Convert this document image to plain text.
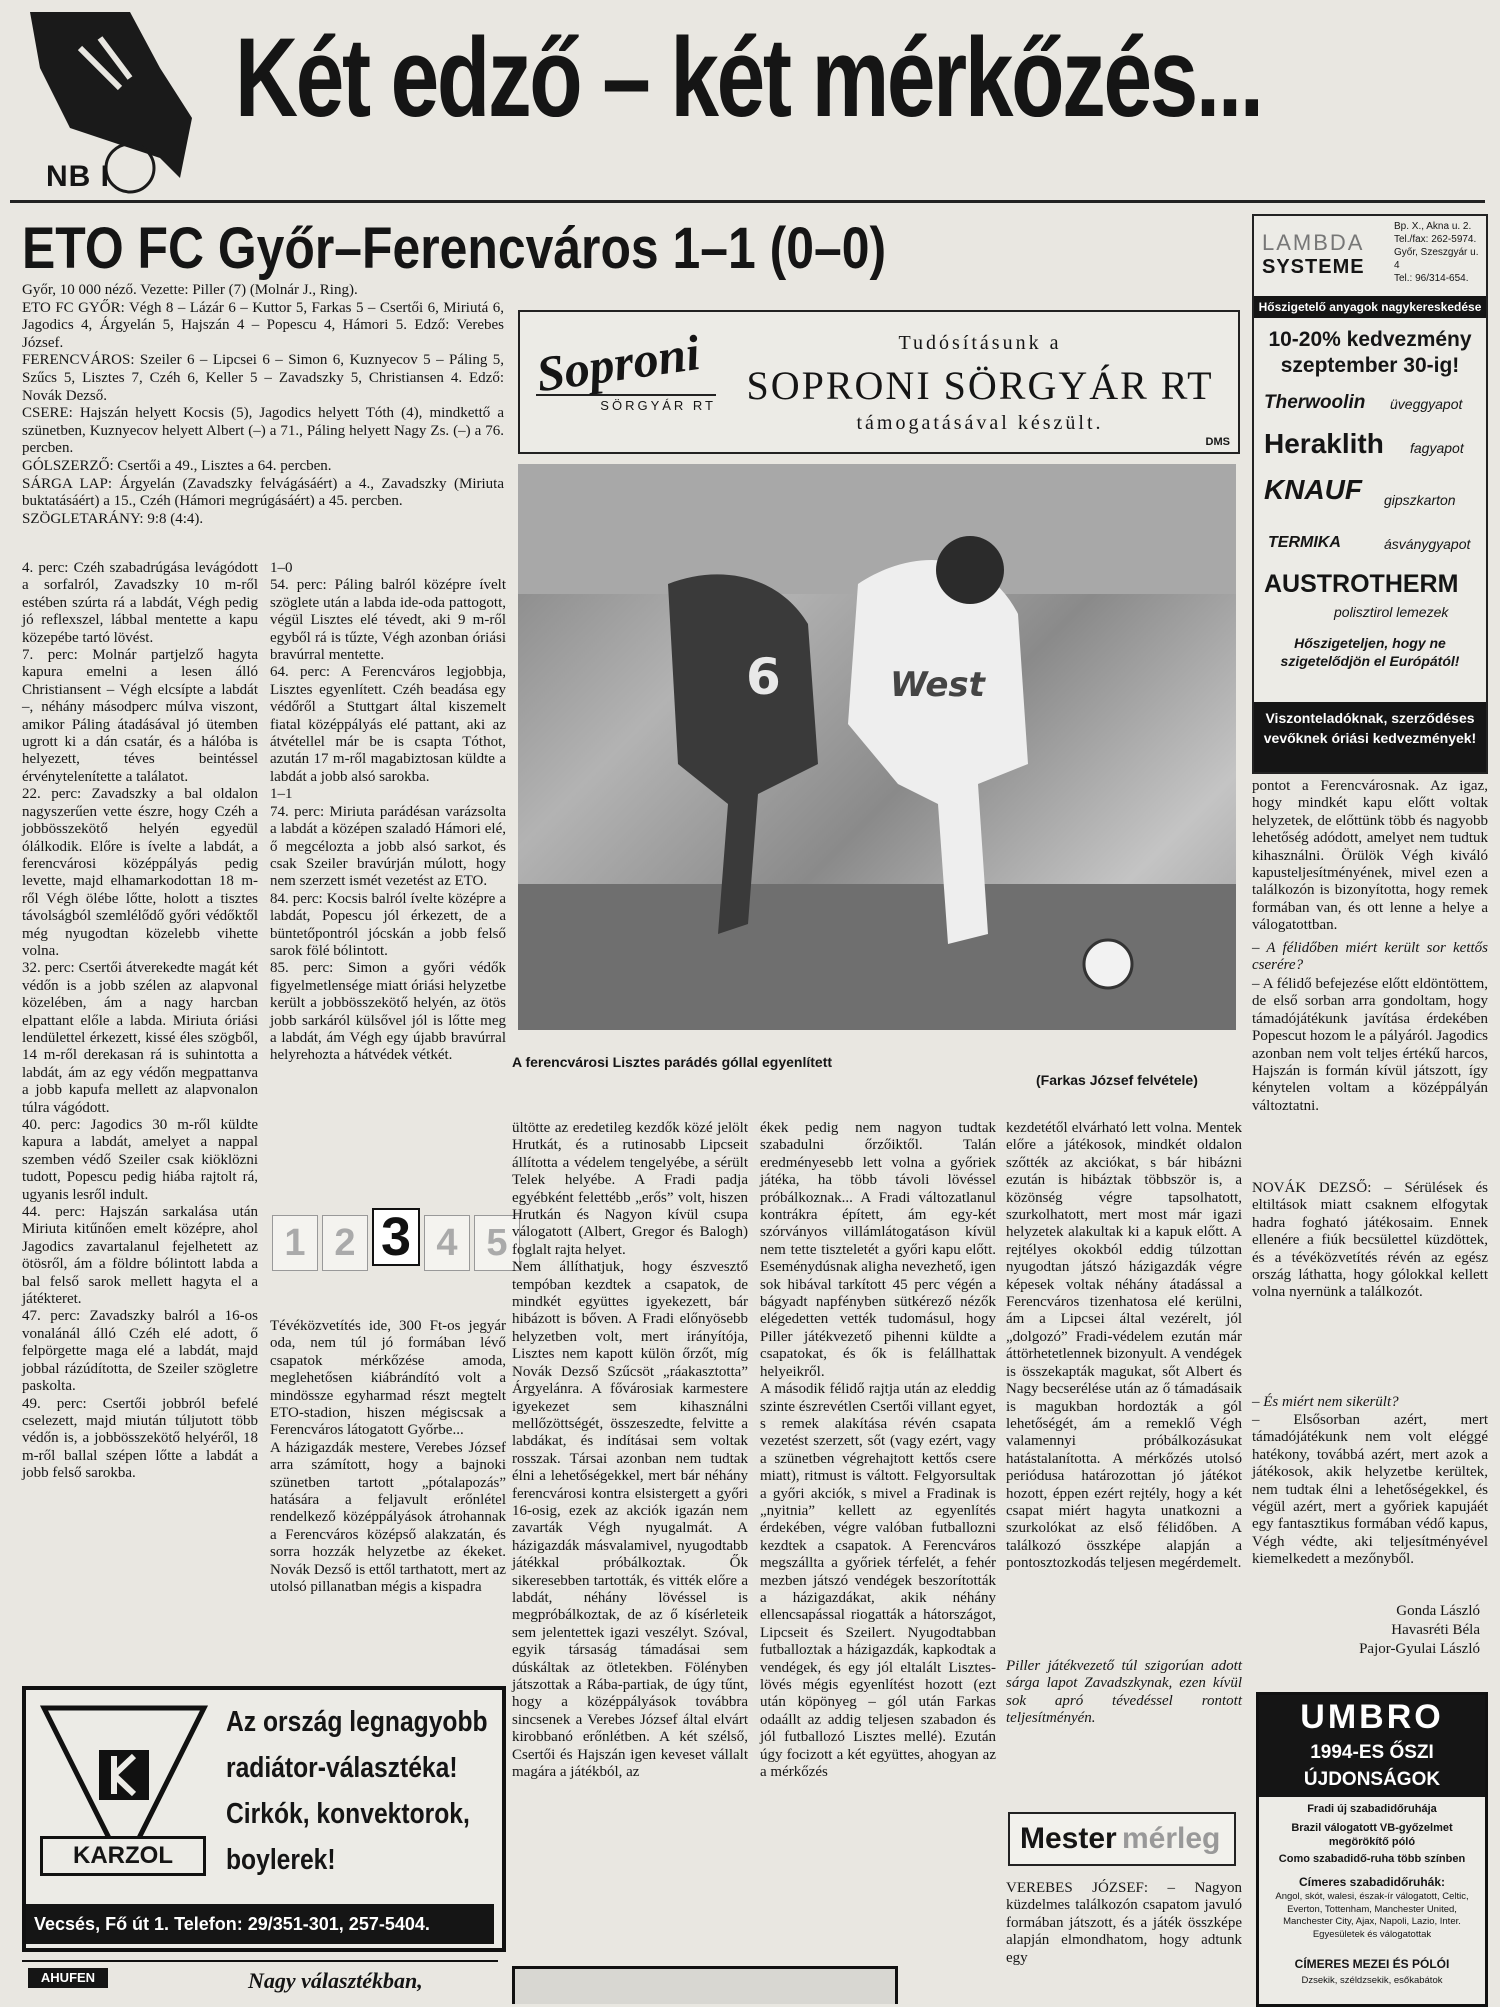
NB I
Két edző – két mérkőzés...
ETO FC Győr–Ferencváros 1–1 (0–0)
Győr, 10 000 néző. Vezette: Piller (7) (Molnár J., Ring).
ETO FC GYŐR: Végh 8 – Lázár 6 – Kuttor 5, Farkas 5 – Csertői 6, Miriutá 6, Jagodics 4, Árgyelán 5, Hajszán 4 – Popescu 4, Hámori 5. Edző: Verebes József.
FERENCVÁROS: Szeiler 6 – Lipcsei 6 – Simon 6, Kuznyecov 5 – Páling 5, Szűcs 5, Lisztes 7, Czéh 6, Keller 5 – Zavadszky 5, Christiansen 4. Edző: Novák Dezső.
CSERE: Hajszán helyett Kocsis (5), Jagodics helyett Tóth (4), mindkettő a szünetben, Kuznyecov helyett Albert (–) a 71., Páling helyett Nagy Zs. (–) a 76. percben.
GÓLSZERZŐ: Csertői a 49., Lisztes a 64. percben.
SÁRGA LAP: Árgyelán (Zavadszky felvágásáért) a 4., Zavadszky (Miriuta buktatásáért) a 15., Czéh (Hámori megrúgásáért) a 45. percben.
SZÖGLETARÁNY: 9:8 (4:4).
4. perc: Czéh szabadrúgása levágódott a sorfalról, Zavadszky 10 m-ről estében szúrta rá a labdát, Végh pedig jó reflexszel, lábbal mentette a kapu közepébe tartó lövést.
7. perc: Molnár partjelző hagyta kapura emelni a lesen álló Christiansent – Végh elcsípte a labdát –, néhány másodperc múlva viszont, amikor Páling átadásával jó ütemben ugrott ki a dán csatár, és a hálóba is helyezett, téves beintéssel érvénytelenítette a találatot.
22. perc: Zavadszky a bal oldalon nagyszerűen vette észre, hogy Czéh a jobbösszekötő helyén egyedül ólálkodik. Előre is ívelte a labdát, a ferencvárosi középpályás pedig levette, majd elhamarkodottan 18 m-ről Végh ölébe lőtte, holott a tisztes távolságból szemlélődő győri védőktől még nyugodtan közelebb vihette volna.
32. perc: Csertői átverekedte magát két védőn is a jobb szélen az alapvonal közelében, ám a nagy harcban elpattant előle a labda. Miriuta óriási lendülettel érkezett, kissé éles szögből, 14 m-ről derekasan rá is suhintotta a labdát, ám az egy védőn megpattanva a jobb kapufa mellett az alapvonalon túlra vágódott.
40. perc: Jagodics 30 m-ről küldte kapura a labdát, amelyet a nappal szemben védő Szeiler csak kiöklözni tudott, Popescu pedig hiába rajtolt rá, ugyanis lesről indult.
44. perc: Hajszán sarkalása után Miriuta kitűnően emelt középre, ahol Jagodics zavartalanul fejelhetett az ötösről, ám a földre bólintott labda a bal felső sarok mellett hagyta el a játékteret.
47. perc: Zavadszky balról a 16-os vonalánál álló Czéh elé adott, ő felpörgette maga elé a labdát, majd jobbal rázúdította, de Szeiler szögletre paskolta.
49. perc: Csertői jobbról befelé cselezett, majd miután túljutott több védőn is, a jobbösszekötő helyéről, 18 m-ről ballal szépen lőtte a labdát a jobb felső sarokba.
1–0
54. perc: Páling balról középre ívelt szöglete után a labda ide-oda pattogott, végül Lisztes elé tévedt, aki 9 m-ről egyből rá is tűzte, Végh azonban óriási bravúrral mentette.
64. perc: A Ferencváros legjobbja, Lisztes egyenlített. Czéh beadása egy védőről a Stuttgart által kiszemelt fiatal középpályás elé pattant, aki az átvétellel már be is csapta Tóthot, azután 17 m-ről magabiztosan küldte a labdát a jobb alsó sarokba.
1–1
74. perc: Miriuta parádésan varázsolta a labdát a középen szaladó Hámori elé, ő megcélozta a jobb alsó sarkot, és csak Szeiler bravúrján múlott, hogy nem szerzett ismét vezetést az ETO.
84. perc: Kocsis balról ívelte középre a labdát, Popescu jól érkezett, de a büntetőpontról jócskán a jobb felső sarok fölé bólintott.
85. perc: Simon a győri védők figyelmetlensége miatt óriási helyzetbe került a jobbösszekötő helyén, az ötös jobb sarkáról külsővel jól is lőtte meg a labdát, ám Végh egy újabb bravúrral helyrehozta a hátvédek vétkét.
1 2 3 4 5
Tévéközvetítés ide, 300 Ft-os jegyár oda, nem túl jó formában lévő csapatok mérkőzése amoda, meglehetősen kiábrándító volt a mindössze egyharmad részt megtelt ETO-stadion, hiszen mégiscsak a Ferencváros látogatott Győrbe...
A házigazdák mestere, Verebes József arra számított, hogy a bajnoki szünetben tartott „pótalapozás” hatására a feljavult erőnlétel rendelkező középpályások átrohannak a Ferencváros középső alakzatán, és sorra hozzák helyzetbe az ékeket. Novák Dezső is ettől tarthatott, mert az utolsó pillanatban mégis a kispadra
Soproni
SÖRGYÁR RT
Tudósításunk a
SOPRONI SÖRGYÁR RT
támogatásával készült.
DMS
6	West
A ferencvárosi Lisztes parádés góllal egyenlített
(Farkas József felvétele)
ültötte az eredetileg kezdők közé jelölt Hrutkát, és a rutinosabb Lipcseit állította a védelem tengelyébe, a sérült Telek helyébe. A Fradi padja egyébként felettébb „erős” volt, hiszen Hrutkán és Nagyon kívül csupa válogatott (Albert, Gregor és Balogh) foglalt rajta helyet.
Nem állíthatjuk, hogy észvesztő tempóban kezdtek a csapatok, de mindkét együttes igyekezett, bár hibázott is bőven. A Fradi előnyösebb helyzetben volt, mert irányítója, Lisztes nem kapott külön őrzőt, míg Novák Dezső Szűcsöt „ráakasztotta” Árgyelánra. A fővárosiak karmestere igyekezet sem kihasználni mellőzöttségét, összeszedte, felvitte a labdákat, és indításai sem voltak rosszak. Társai azonban nem tudtak élni a lehetőségekkel, mert bár néhány ferencvárosi kontra elsistergett a győri 16-osig, ezek az akciók igazán nem zavarták Végh nyugalmát. A házigazdák másvalamivel, nyugodtabb játékkal próbálkoztak. Ők sikeresebben tartották, és vitték előre a labdát, néhány lövéssel is megpróbálkoztak, de az ő kísérleteik sem jelentettek igazi veszélyt. Szóval, egyik társaság támadásai sem dúskáltak az ötletekben. Fölényben játszottak a Rába-partiak, de úgy tűnt, hogy a középpályások továbbra sincsenek a Verebes József által elvárt kirobbanó erőnlétben. A két szélső, Csertői és Hajszán igen keveset vállalt magára a játékból, az
ékek pedig nem nagyon tudtak szabadulni őrzőiktől. Talán eredményesebb lett volna a győriek játéka, ha több távoli lövéssel próbálkoznak... A Fradi változatlanul kontrákra épített, ám egy-két szórványos villámlátogatáson kívül nem tette tiszteletét a győri kapu előtt. Eseménydúsnak aligha nevezhető, igen sok hibával tarkított 45 perc végén a bágyadt napfényben sütkérező nézők elégedetten vették tudomásul, hogy Piller játékvezető pihenni küldte a csapatokat, és ők is felállhattak helyeikről.
A második félidő rajtja után az eleddig szinte észrevétlen Csertői villant egyet, s remek alakítása révén csapata vezetést szerzett, sőt (vagy ezért, vagy a szünetben végrehajtott kettős csere miatt), ritmust is váltott. Felgyorsultak a győri akciók, s mivel a Fradinak is „nyitnia” kellett az egyenlítés érdekében, végre valóban futballozni kezdtek a csapatok. A Ferencváros megszállta a győriek térfelét, a fehér mezben játszó vendégek beszorították a házigazdákat, akik néhány ellencsapással riogatták a hátországot, Lipcseit és Szeilert. Nyugodtabban futballoztak a házigazdák, kapkodtak a vendégek, és egy jól eltalált Lisztes-lövés mégis egyenlítést hozott (ezt után köpönyeg – gól után Farkas odaállt az addig teljesen szabadon és jól futballozó Lisztes mellé). Ezután úgy focizott a két együttes, ahogyan az a mérkőzés
kezdetétől elvárható lett volna. Mentek előre a játékosok, mindkét oldalon szőtték az akciókat, s bár hibázni ezután is hibáztak többször is, a közönség végre tapsolhatott, szurkolhatott, mert most már igazi helyzetek alakultak ki a kapuk előtt. A rejtélyes okokból eddig túlzottan nyugodtan játszó házigazdák végre képesek voltak néhány átadással a Ferencváros tizenhatosa elé kerülni, ám a Lipcsei által vezérelt, jól „dolgozó” Fradi-védelem ezután már áttörhetetlennek bizonyult. A vendégek is összekapták magukat, sőt Albert és Nagy becserélése után az ő támadásaik is magukban hordozták a gól lehetőségét, ám a remeklő Végh valamennyi próbálkozásukat hatástalanította. A mérkőzés utolsó periódusa határozottan jó játékot hozott, éppen ezért rejtély, hogy a két csapat miért hagyta unatkozni a szurkolókat az első félidőben. A találkozó összképe alapján a pontosztozkodás teljesen megérdemelt.
Piller játékvezető túl szigorúan adott sárga lapot Zavadszkynak, ezen kívül sok apró tévedéssel rontott teljesítményén.
Mester mérleg
VEREBES JÓZSEF: – Nagyon küzdelmes találkozón csapatom javuló formában játszott, és a játék összképe alapján elmondhatom, hogy adtunk egy
pontot a Ferencvárosnak. Az igaz, hogy mindkét kapu előtt voltak helyzetek, de előttünk több és nagyobb lehetőség adódott, amelyet nem tudtuk kihasználni. Örülök Végh kiváló kapusteljesítményének, mivel ezen a találkozón is bizonyította, hogy remek formában van, és ott lenne a helye a válogatottban.
– A félidőben miért került sor kettős cserére?
– A félidő befejezése előtt eldöntöttem, de első sorban arra gondoltam, hogy támadójátékunk javítása érdekében Popescut hozom le a pályáról. Jagodics azonban nem volt teljes értékű harcos, Hajszán is formán kívül játszott, így kénytelen voltam a középpályán változtatni.
NOVÁK DEZSŐ: – Sérülések és eltiltások miatt csaknem elfogytak hadra fogható játékosaim. Ennek ellenére a fiúk becsülettel küzdöttek, és a tévéközvetítés révén az egész ország láthatta, hogy gólokkal kellett volna nyernünk a találkozót.
– És miért nem sikerült?
– Elsősorban azért, mert támadójátékunk nem volt eléggé hatékony, továbbá azért, mert azok a játékosok, akik helyzetbe kerültek, nem tudtak élni a lehetőségekkel, és végül azért, mert a győriek kapujáét egy fantasztikus formában védő kapus, Végh védte, aki teljesítményével kiemelkedett a mezőnyből.
Gonda László
Havasréti Béla
Pajor-Gyulai László
LAMBDA
SYSTEME
Bp. X., Akna u. 2.
Tel./fax: 262-5974.
Győr, Szeszgyár u. 4
Tel.: 96/314-654.
Hőszigetelő anyagok nagykereskedése
10-20% kedvezmény
szeptember 30-ig!
Therwoolin üveggyapot
Heraklith fagyapot
KNAUF gipszkarton
TERMIKA	ásványgyapot
AUSTROTHERM
polisztirol lemezek
Hőszigeteljen, hogy ne szigetelődjön el Európától!
Viszonteladóknak, szerződéses vevőknek óriási kedvezmények!
KARZOL
Az ország legnagyobb
radiátor-választéka!
Cirkók, konvektorok,
boylerek!
Vecsés, Fő út 1. Telefon: 29/351-301, 257-5404.
UMBRO
1994-ES ŐSZI
ÚJDONSÁGOK
Fradi új szabadidőruhája
Brazil válogatott VB-győzelmet megörökítő póló
Como szabadidő-ruha több színben
Címeres szabadidőruhák:
Angol, skót, walesi, észak-ír válogatott, Celtic, Everton, Tottenham, Manchester United, Manchester City, Ajax, Napoli, Lazio, Inter. Egyesületek és válogatottak
CÍMERES MEZEI ÉS PÓLÓI
Dzsekik, széldzsekik, esőkabátok
AHUFEN	Nagy választékban,
